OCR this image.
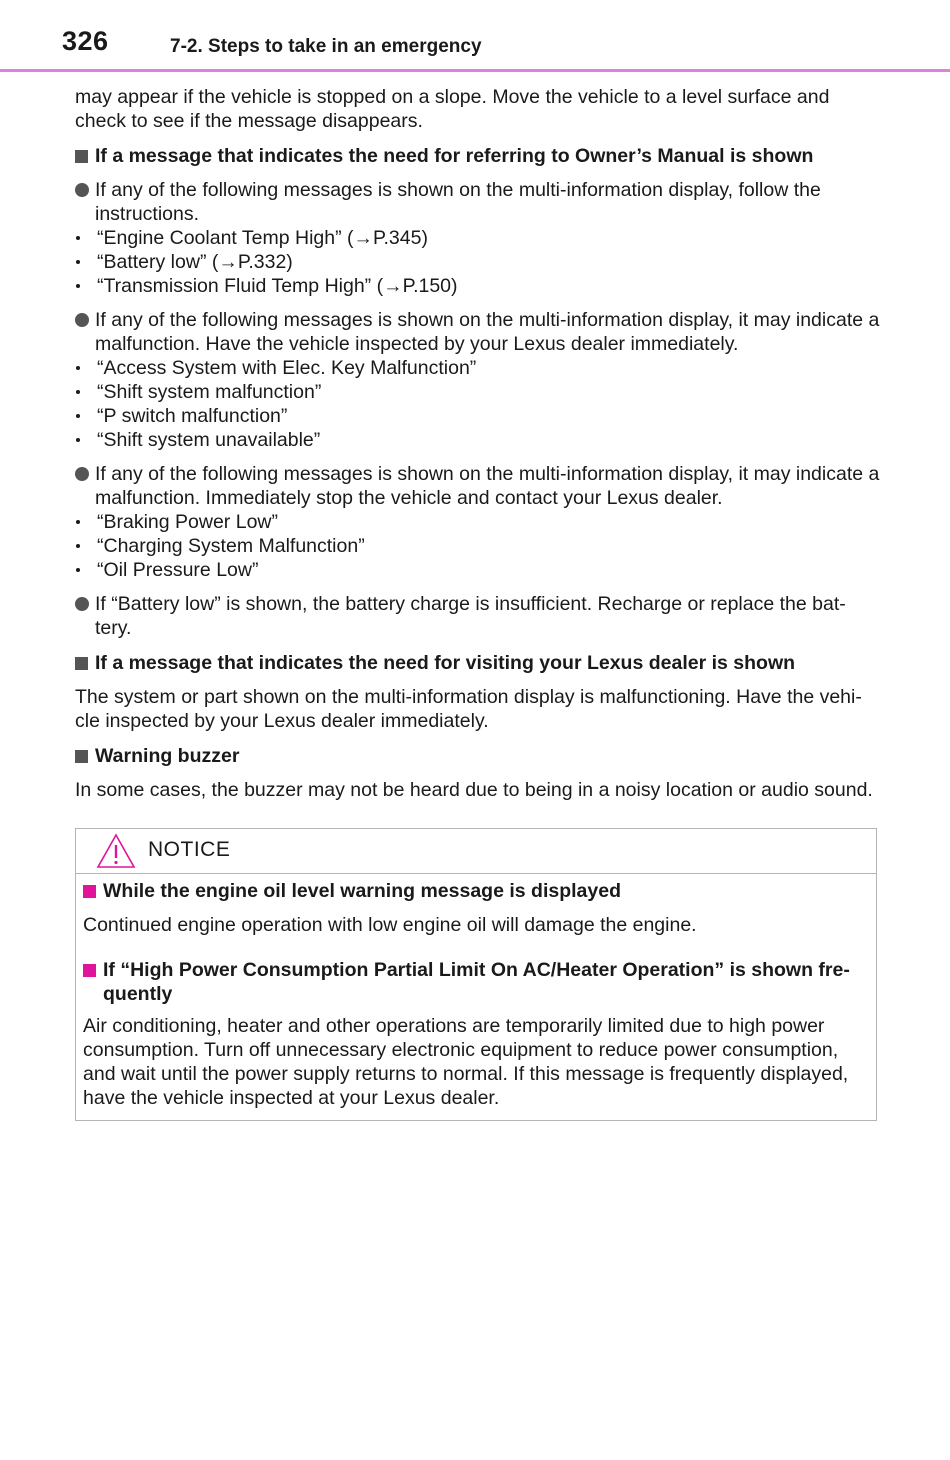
326	7-2. Steps to take in an emergency

may appear if the vehicle is stopped on a slope. Move the vehicle to a level surface and check to see if the message disappears.

If a message that indicates the need for referring to Owner’s Manual is shown
If any of the following messages is shown on the multi-information display, follow the instructions.
“Engine Coolant Temp High” (→P.345)
“Battery low” (→P.332)
“Transmission Fluid Temp High” (→P.150)
If any of the following messages is shown on the multi-information display, it may indicate a malfunction. Have the vehicle inspected by your Lexus dealer immediately.
“Access System with Elec. Key Malfunction”
“Shift system malfunction”
“P switch malfunction”
“Shift system unavailable”
If any of the following messages is shown on the multi-information display, it may indicate a malfunction. Immediately stop the vehicle and contact your Lexus dealer.
“Braking Power Low”
“Charging System Malfunction”
“Oil Pressure Low”
If “Battery low” is shown, the battery charge is insufficient. Recharge or replace the bat- tery.
If a message that indicates the need for visiting your Lexus dealer is shown

The system or part shown on the multi-information display is malfunctioning. Have the vehi- cle inspected by your Lexus dealer immediately.

Warning buzzer

In some cases, the buzzer may not be heard due to being in a noisy location or audio sound.

NOTICE
While the engine oil level warning message is displayed

Continued engine operation with low engine oil will damage the engine.

If “High Power Consumption Partial Limit On AC/Heater Operation” is shown fre- quently

Air conditioning, heater and other operations are temporarily limited due to high power consumption. Turn off unnecessary electronic equipment to reduce power consumption, and wait until the power supply returns to normal. If this message is frequently displayed, have the vehicle inspected at your Lexus dealer.
